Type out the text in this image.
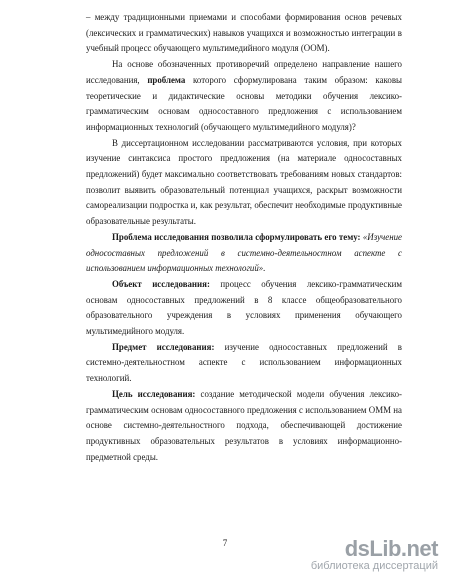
– между традиционными приемами и способами формирования основ речевых (лексических и грамматических) навыков учащихся и возможностью интеграции в учебный процесс обучающего мультимедийного модуля (ООМ).

На основе обозначенных противоречий определено направление нашего исследования, проблема которого сформулирована таким образом: каковы теоретические и дидактические основы методики обучения лексико-грамматическим основам односоставного предложения с использованием информационных технологий (обучающего мультимедийного модуля)?

В диссертационном исследовании рассматриваются условия, при которых изучение синтаксиса простого предложения (на материале односоставных предложений) будет максимально соответствовать требованиям новых стандартов: позволит выявить образовательный потенциал учащихся, раскрыт возможности самореализации подростка и, как результат, обеспечит необходимые продуктивные образовательные результаты.

Проблема исследования позволила сформулировать его тему: «Изучение односоставных предложений в системно-деятельностном аспекте с использованием информационных технологий».

Объект исследования: процесс обучения лексико-грамматическим основам односоставных предложений в 8 классе общеобразовательного образовательного учреждения в условиях применения обучающего мультимедийного модуля.

Предмет исследования: изучение односоставных предложений в системно-деятельностном аспекте с использованием информационных технологий.

Цель исследования: создание методической модели обучения лексико-грамматическим основам односоставного предложения с использованием ОММ на основе системно-деятельностного подхода, обеспечивающей достижение продуктивных образовательных результатов в условиях информационно-предметной среды.

7	dsLib.net
библиотека диссертаций
